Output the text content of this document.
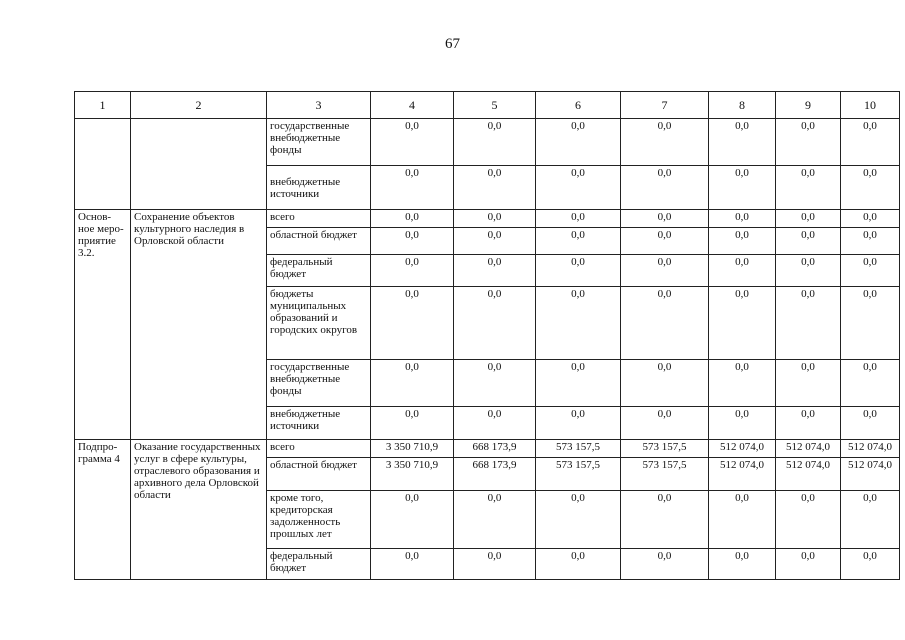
67
1	2	3	4	5	6	7	8	9	10
		государственные внебюджетные фонды	0,0	0,0	0,0	0,0	0,0	0,0	0,0
		внебюджетные источники	0,0	0,0	0,0	0,0	0,0	0,0	0,0
Основ-ное меро-приятие 3.2.	Сохранение объектов культурного наследия в Орловской области	всего	0,0	0,0	0,0	0,0	0,0	0,0	0,0
		областной бюджет	0,0	0,0	0,0	0,0	0,0	0,0	0,0
		федеральный бюджет	0,0	0,0	0,0	0,0	0,0	0,0	0,0
		бюджеты муниципальных образований и городских округов	0,0	0,0	0,0	0,0	0,0	0,0	0,0
		государственные внебюджетные фонды	0,0	0,0	0,0	0,0	0,0	0,0	0,0
		внебюджетные источники	0,0	0,0	0,0	0,0	0,0	0,0	0,0
Подпро-грамма 4	Оказание государственных услуг в сфере культуры, отраслевого образования и архивного дела Орловской области	всего	3 350 710,9	668 173,9	573 157,5	573 157,5	512 074,0	512 074,0	512 074,0
		областной бюджет	3 350 710,9	668 173,9	573 157,5	573 157,5	512 074,0	512 074,0	512 074,0
		кроме того, кредиторская задолженность прошлых лет	0,0	0,0	0,0	0,0	0,0	0,0	0,0
		федеральный бюджет	0,0	0,0	0,0	0,0	0,0	0,0	0,0
